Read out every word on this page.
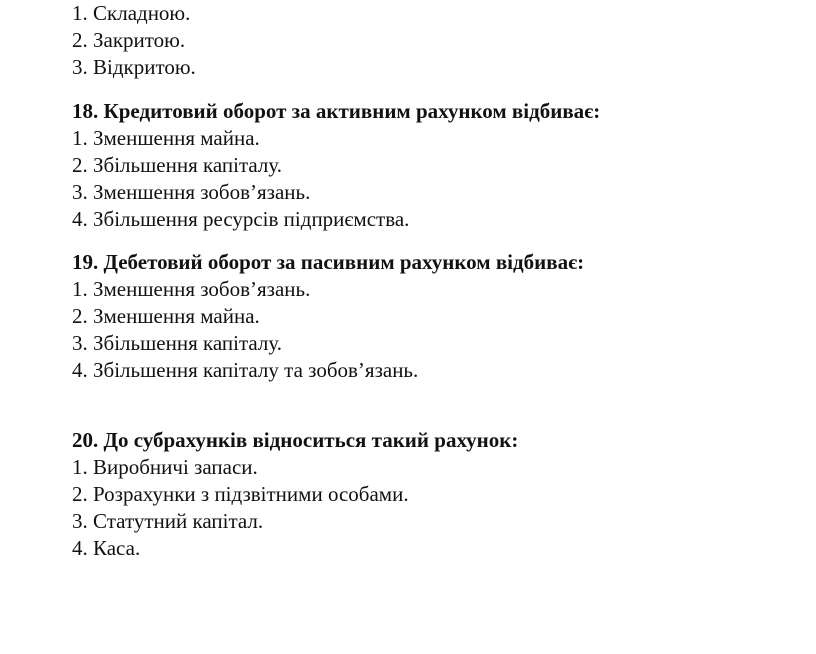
1. Складною.
2. Закритою.
3. Відкритою.
18. Кредитовий оборот за активним рахунком відбиває:
1. Зменшення майна.
2. Збільшення капіталу.
3. Зменшення зобов’язань.
4. Збільшення ресурсів підприємства.
19. Дебетовий оборот за пасивним рахунком відбиває:
1. Зменшення зобов’язань.
2. Зменшення майна.
3. Збільшення капіталу.
4. Збільшення капіталу та зобов’язань.
20. До субрахунків відноситься такий рахунок:
1. Виробничі запаси.
2. Розрахунки з підзвітними особами.
3. Статутний капітал.
4. Каса.
